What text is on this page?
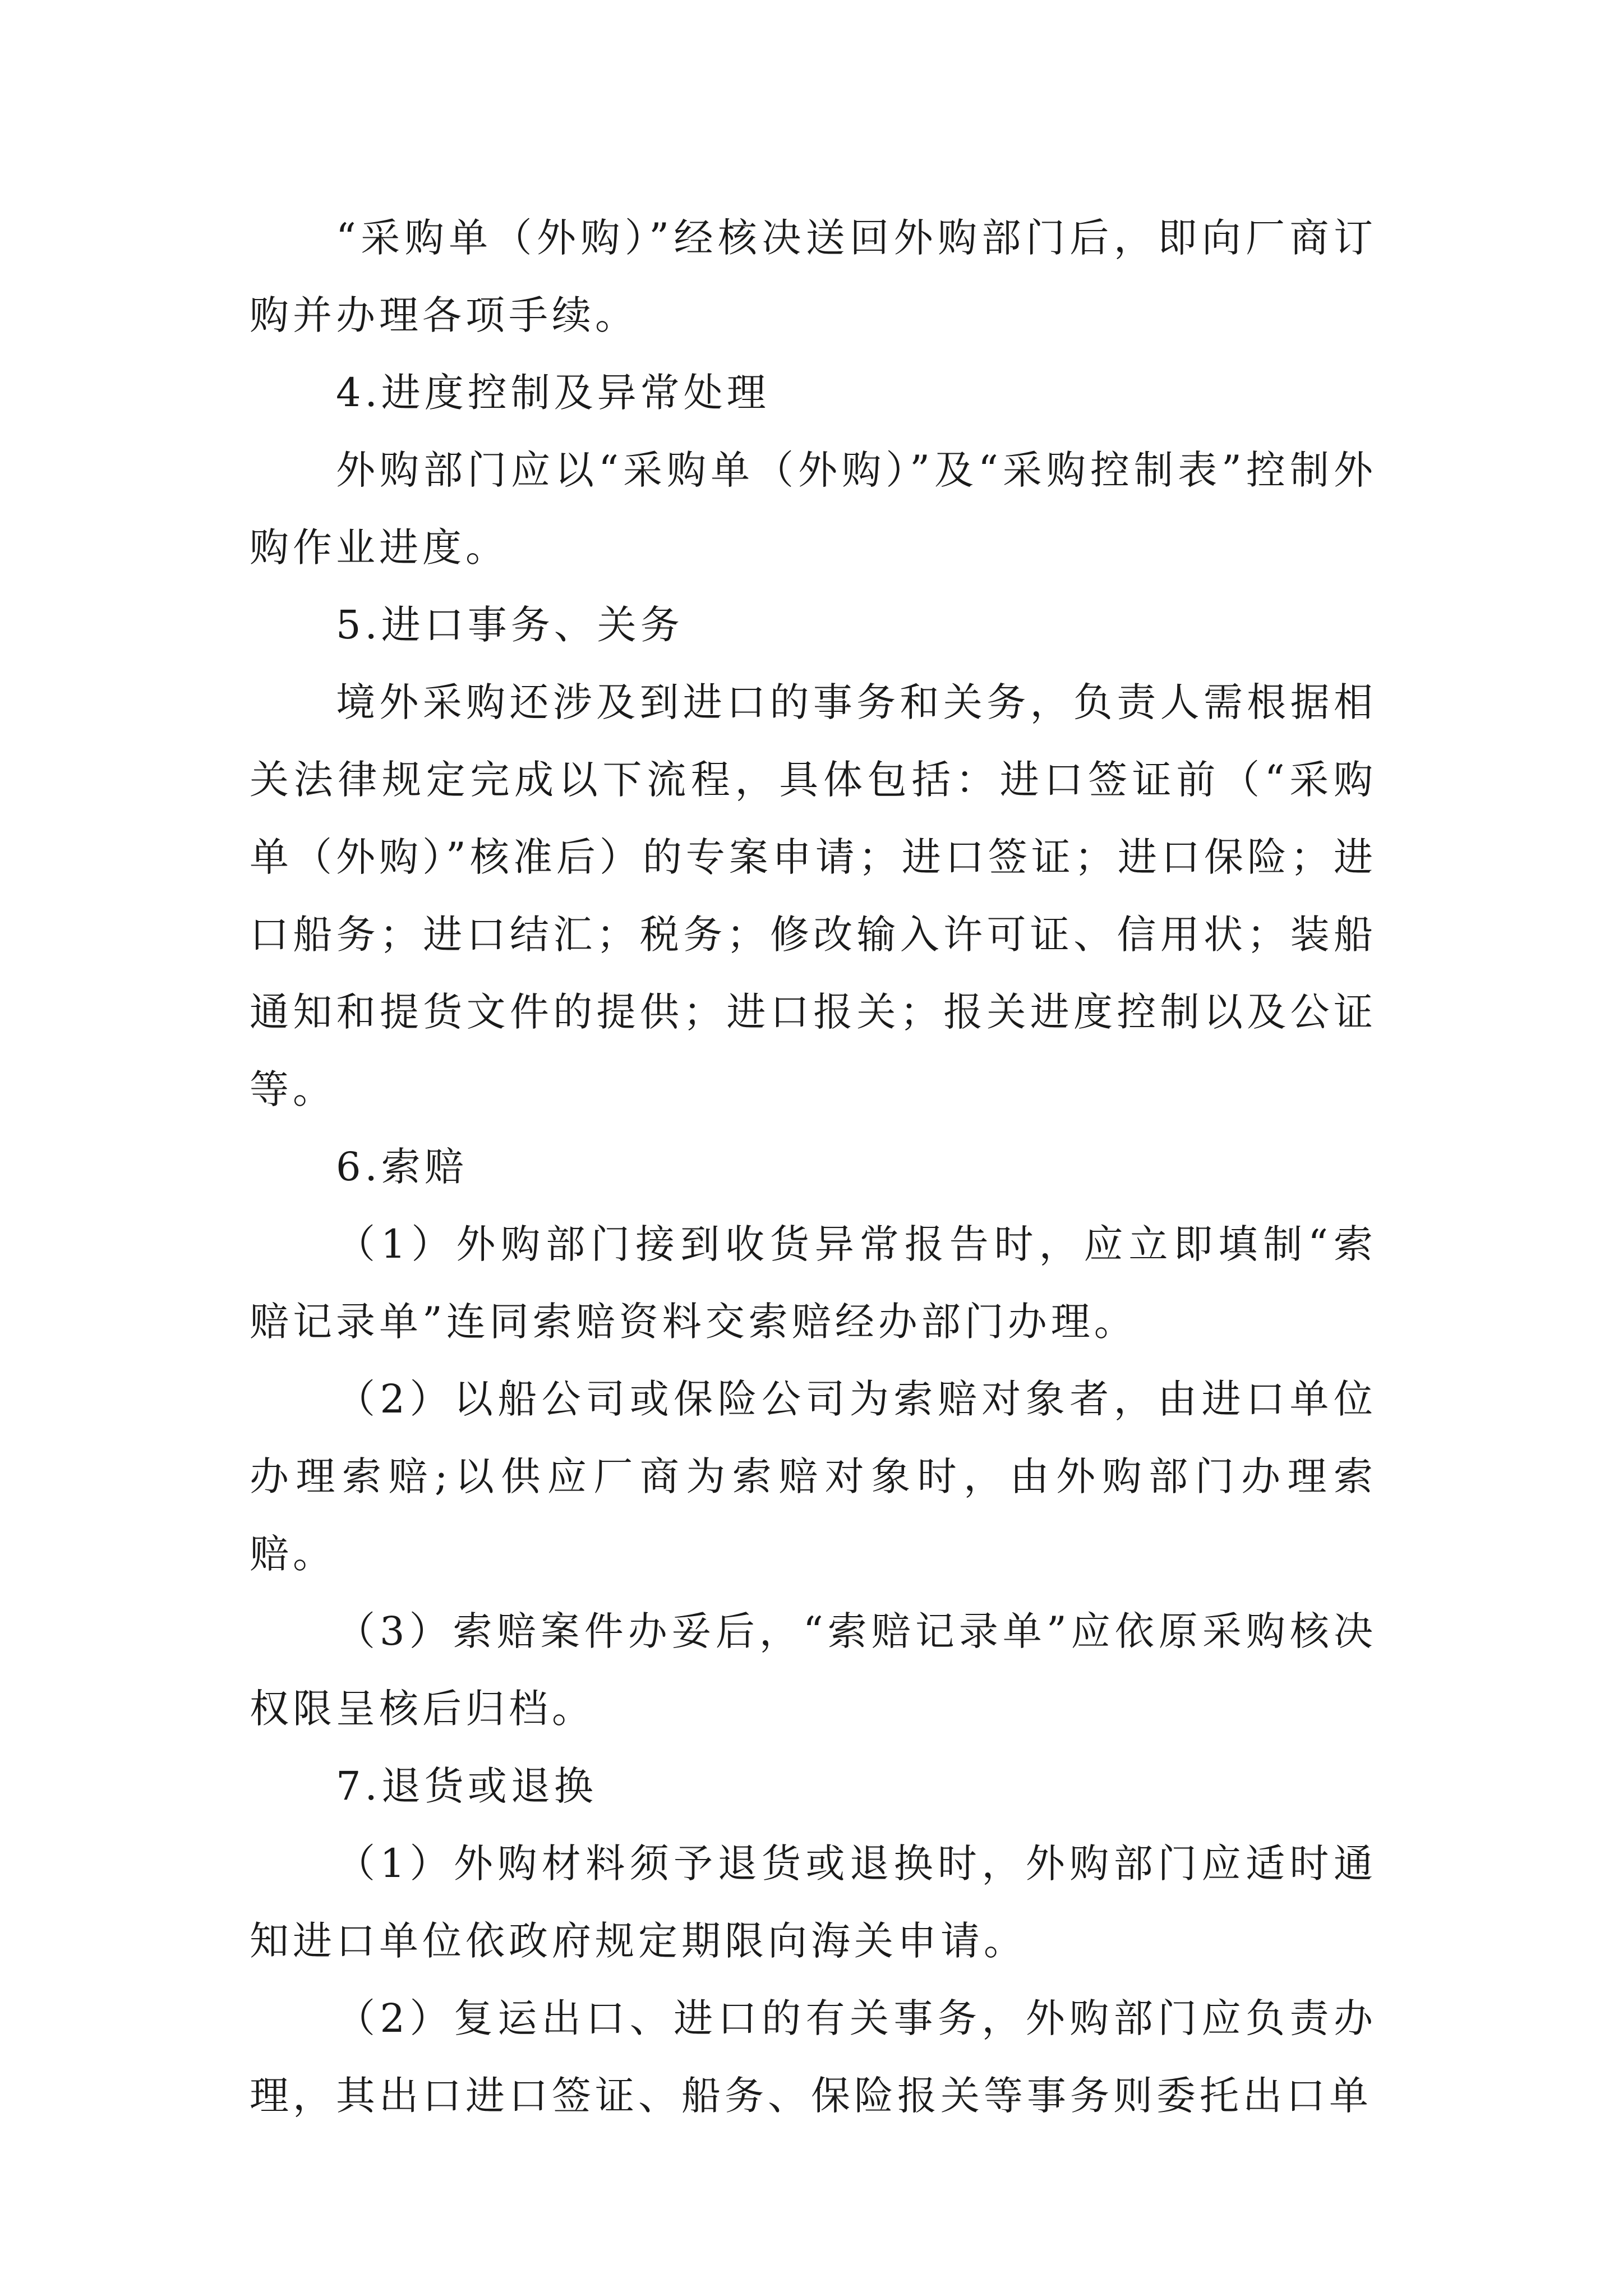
“采购单（外购）”经核决送回外购部门后，即向厂商订购并办理各项手续。

4.进度控制及异常处理

外购部门应以“采购单（外购）”及“采购控制表”控制外购作业进度。

5.进口事务、关务

境外采购还涉及到进口的事务和关务，负责人需根据相关法律规定完成以下流程，具体包括：进口签证前（“采购单（外购）”核准后）的专案申请；进口签证；进口保险；进口船务；进口结汇；税务；修改输入许可证、信用状；装船通知和提货文件的提供；进口报关；报关进度控制以及公证等。

6.索赔

（1）外购部门接到收货异常报告时，应立即填制“索赔记录单”连同索赔资料交索赔经办部门办理。

（2）以船公司或保险公司为索赔对象者，由进口单位办理索赔;以供应厂商为索赔对象时，由外购部门办理索赔。

（3）索赔案件办妥后，“索赔记录单”应依原采购核决权限呈核后归档。

7.退货或退换

（1）外购材料须予退货或退换时，外购部门应适时通知进口单位依政府规定期限向海关申请。

（2）复运出口、进口的有关事务，外购部门应负责办理，其出口进口签证、船务、保险报关等事务则委托出口单
